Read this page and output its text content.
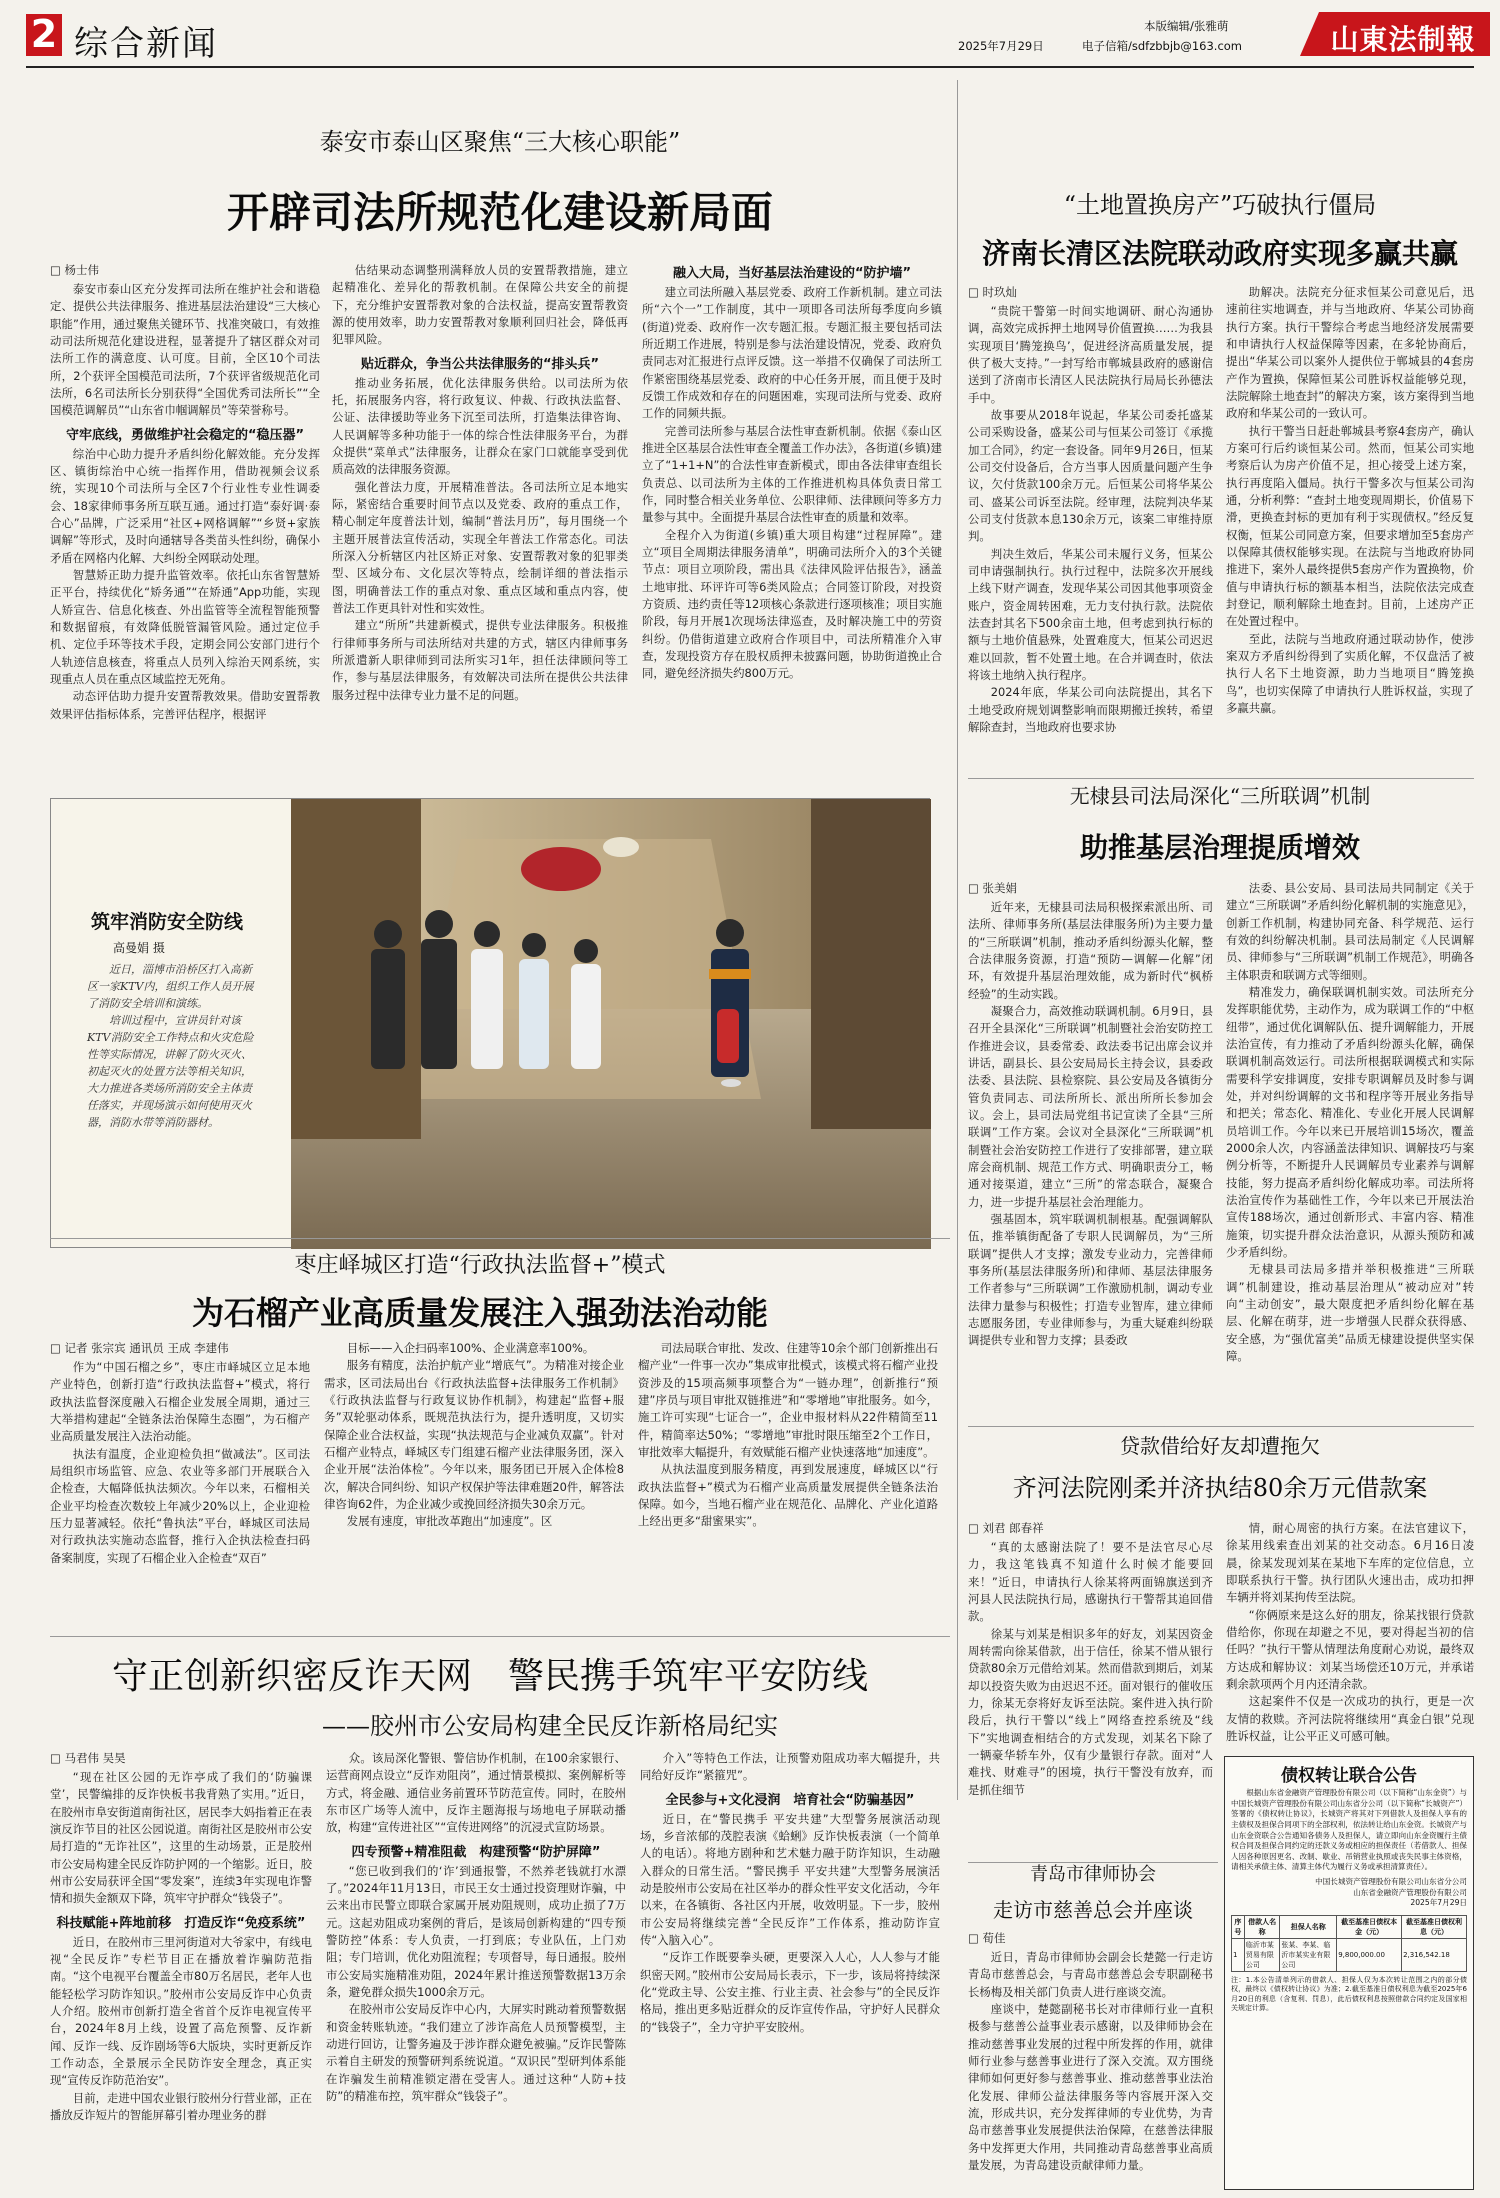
2 综合新闻	本版编辑/张雅萌
2025年7月29日	电子信箱/sdfzbbjb@163.com	山東法制報
泰安市泰山区聚焦“三大核心职能”
开辟司法所规范化建设新局面
□ 杨士伟

泰安市泰山区充分发挥司法所在维护社会和谐稳定、提供公共法律服务、推进基层法治建设“三大核心职能”作用，通过聚焦关键环节、找准突破口，有效推动司法所规范化建设进程，显著提升了辖区群众对司法所工作的满意度、认可度。目前，全区10个司法所，2个获评全国模范司法所，7个获评省级规范化司法所，6名司法所长分别获得“全国优秀司法所长”“全国模范调解员”“山东省巾帼调解员”等荣誉称号。

守牢底线，勇做维护社会稳定的“稳压器”

综治中心助力提升矛盾纠纷化解效能。充分发挥区、镇街综治中心统一指挥作用，借助视频会议系统，实现10个司法所与全区7个行业性专业性调委会、18家律师事务所互联互通。通过打造“泰好调·泰合心”品牌，广泛采用“社区+网格调解”“乡贤+家族调解”等形式，及时向通辖导各类苗头性纠纷，确保小矛盾在网格内化解、大纠纷全网联动处理。

智慧矫正助力提升监管效率。依托山东省智慧矫正平台，持续优化“矫务通”“在矫通”App功能，实现人矫宣告、信息化核查、外出监管等全流程智能预警和数据留痕，有效降低脱管漏管风险。通过定位手机、定位手环等技术手段，定期会同公安部门进行个人轨迹信息核查，将重点人员列入综治天网系统，实现重点人员在重点区域监控无死角。

动态评估助力提升安置帮教效果。借助安置帮教效果评估指标体系，完善评估程序，根据评

估结果动态调整刑满释放人员的安置帮教措施，建立起精准化、差异化的帮教机制。在保障公共安全的前提下，充分维护安置帮教对象的合法权益，提高安置帮教资源的使用效率，助力安置帮教对象顺利回归社会，降低再犯罪风险。

贴近群众，争当公共法律服务的“排头兵”

推动业务拓展，优化法律服务供给。以司法所为依托，拓展服务内容，将行政复议、仲裁、行政执法监督、公证、法律援助等业务下沉至司法所，打造集法律咨询、人民调解等多种功能于一体的综合性法律服务平台，为群众提供“菜单式”法律服务，让群众在家门口就能享受到优质高效的法律服务资源。

强化普法力度，开展精准普法。各司法所立足本地实际，紧密结合重要时间节点以及党委、政府的重点工作，精心制定年度普法计划，编制“普法月历”，每月围绕一个主题开展普法宣传活动，实现全年普法工作常态化。司法所深入分析辖区内社区矫正对象、安置帮教对象的犯罪类型、区域分布、文化层次等特点，绘制详细的普法指示图，明确普法工作的重点对象、重点区域和重点内容，使普法工作更具针对性和实效性。

建立“所所”共建新模式，提供专业法律服务。积极推行律师事务所与司法所结对共建的方式，辖区内律师事务所派遣新人职律师到司法所实习1年，担任法律顾问等工作，参与基层法律服务，有效解决司法所在提供公共法律服务过程中法律专业力量不足的问题。

融入大局，当好基层法治建设的“防护墙”

建立司法所融入基层党委、政府工作新机制。建立司法所“六个一”工作制度，其中一项即各司法所每季度向乡镇(街道)党委、政府作一次专题汇报。专题汇报主要包括司法所近期工作进展，特别是参与法治建设情况，党委、政府负责同志对汇报进行点评反馈。这一举措不仅确保了司法所工作紧密围绕基层党委、政府的中心任务开展，而且便于及时反馈工作成效和存在的问题困难，实现司法所与党委、政府工作的同频共振。

完善司法所参与基层合法性审查新机制。依据《泰山区推进全区基层合法性审查全覆盖工作办法》，各街道(乡镇)建立了“1+1+N”的合法性审查新模式，即由各法律审查组长负责总、以司法所为主体的工作推进机构具体负责日常工作，同时整合相关业务单位、公职律师、法律顾问等多方力量参与其中。全面提升基层合法性审查的质量和效率。

全程介入为街道(乡镇)重大项目构建“过程屏障”。建立“项目全周期法律服务清单”，明确司法所介入的3个关键节点：项目立项阶段，需出具《法律风险评估报告》，涵盖土地审批、环评许可等6类风险点；合同签订阶段，对投资方资质、违约责任等12项核心条款进行逐项核准；项目实施阶段，每月开展1次现场法律巡查，及时解决施工中的劳资纠纷。仍借街道建立政府合作项目中，司法所精准介入审查，发现投资方存在股权质押未披露问题，协助街道挽止合同，避免经济损失约800万元。

“土地置换房产”巧破执行僵局
济南长清区法院联动政府实现多赢共赢
□ 时玖灿

“贵院干警第一时间实地调研、耐心沟通协调，高效完成拆押土地网导价值置换……为我县实现项目‘腾笼换鸟’，促进经济高质量发展，提供了极大支持。”一封写给市郸城县政府的感谢信送到了济南市长清区人民法院执行局局长孙德法手中。

故事要从2018年说起，华某公司委托盛某公司采购设备，盛某公司与恒某公司签订《承揽加工合同》，约定一套设备。同年9月26日，恒某公司交付设备后，合方当事人因质量问题产生争议，欠付货款100余万元。后恒某公司将华某公司、盛某公司诉至法院。经审理，法院判决华某公司支付货款本息130余万元，该案二审维持原判。

判决生效后，华某公司未履行义务，恒某公司申请强制执行。执行过程中，法院多次开展线上线下财产调查，发现华某公司因其他事项资金账户，资金周转困难，无力支付执行款。法院依法查封其名下500余亩土地，但考虑到执行标的额与土地价值悬殊，处置难度大，恒某公司迟迟难以回款，暂不处置土地。在合并调查时，依法将该土地纳入执行程序。

2024年底，华某公司向法院提出，其名下土地受政府规划调整影响而限期搬迁挨转，希望解除查封，当地政府也要求协

助解决。法院充分征求恒某公司意见后，迅速前往实地调查，并与当地政府、华某公司协商执行方案。执行干警综合考虑当地经济发展需要和申请执行人权益保障等因素，在多轮协商后，提出“华某公司以案外人提供位于郸城县的4套房产作为置换，保障恒某公司胜诉权益能够兑现，法院解除土地查封”的解决方案，该方案得到当地政府和华某公司的一致认可。

执行干警当日赶赴郸城县考察4套房产，确认方案可行后约谈恒某公司。然而，恒某公司实地考察后认为房产价值不足，担心接受上述方案，执行再度陷入僵局。执行干警多次与恒某公司沟通，分析利弊：“查封土地变现周期长，价值易下滑，更换查封标的更加有利于实现债权。”经反复权衡，恒某公司同意方案，但要求增加至5套房产以保障其债权能够实现。在法院与当地政府协同推进下，案外人最终提供5套房产作为置换物，价值与申请执行标的额基本相当，法院依法完成查封登记，顺利解除土地查封。目前，上述房产正在处置过程中。

至此，法院与当地政府通过联动协作，使涉案双方矛盾纠纷得到了实质化解，不仅盘活了被执行人名下土地资源，助力当地项目“腾笼换鸟”，也切实保障了申请执行人胜诉权益，实现了多赢共赢。

无棣县司法局深化“三所联调”机制
助推基层治理提质增效
□ 张美娟

近年来，无棣县司法局积极探索派出所、司法所、律师事务所(基层法律服务所)为主要力量的“三所联调”机制，推动矛盾纠纷源头化解，整合法律服务资源，打造“预防—调解—化解”闭环，有效提升基层治理效能，成为新时代“枫桥经验”的生动实践。

凝聚合力，高效推动联调机制。6月9日，县召开全县深化“三所联调”机制暨社会治安防控工作推进会议，县委常委、政法委书记出席会议并讲话，副县长、县公安局局长主持会议，县委政法委、县法院、县检察院、县公安局及各镇街分管负责同志、司法所所长、派出所所长参加会议。会上，县司法局党组书记宣读了全县“三所联调”工作方案。会议对全县深化“三所联调”机制暨社会治安防控工作进行了安排部署，建立联席会商机制、规范工作方式、明确职责分工，畅通对接渠道，建立“三所”的常态联合，凝聚合力，进一步提升基层社会治理能力。

强基固本，筑牢联调机制根基。配强调解队伍，推举镇街配备了专职人民调解员，为“三所联调”提供人才支撑；激发专业动力，完善律师事务所(基层法律服务所)和律师、基层法律服务工作者参与“三所联调”工作激励机制，调动专业法律力量参与积极性；打造专业智库，建立律师志愿服务团，专业律师参与，为重大疑难纠纷联调提供专业和智力支撑；县委政

法委、县公安局、县司法局共同制定《关于建立“三所联调”矛盾纠纷化解机制的实施意见》，创新工作机制，构建协同充备、科学规范、运行有效的纠纷解决机制。县司法局制定《人民调解员、律师参与“三所联调”机制工作规范》，明确各主体职责和联调方式等细则。

精准发力，确保联调机制实效。司法所充分发挥职能优势，主动作为，成为联调工作的“中枢纽带”，通过优化调解队伍、提升调解能力，开展法治宣传，有力推动了矛盾纠纷源头化解，确保联调机制高效运行。司法所根据联调模式和实际需要科学安排调度，安排专职调解员及时参与调处，并对纠纷调解的文书和程序等开展业务指导和把关；常态化、精准化、专业化开展人民调解员培训工作。今年以来已开展培训15场次，覆盖2000余人次，内容涵盖法律知识、调解技巧与案例分析等，不断提升人民调解员专业素养与调解技能，努力提高矛盾纠纷化解成功率。司法所将法治宣传作为基础性工作，今年以来已开展法治宣传188场次，通过创新形式、丰富内容、精准施策，切实提升群众法治意识，从源头预防和减少矛盾纠纷。

无棣县司法局多措并举积极推进“三所联调”机制建设，推动基层治理从“被动应对”转向“主动创安”，最大限度把矛盾纠纷化解在基层、化解在萌芽，进一步增强人民群众获得感、安全感，为“强优富美”品质无棣建设提供坚实保障。

筑牢消防安全防线
高曼娟 摄

近日，淄博市沿桥区打入高新区一家KTV内，组织工作人员开展了消防安全培训和演练。

培训过程中，宣讲员针对该KTV消防安全工作特点和火灾危险性等实际情况，讲解了防火灭火、初起灭火的处置方法等相关知识，大力推进各类场所消防安全主体责任落实，并现场演示如何使用灭火器，消防水带等消防器材。

枣庄峄城区打造“行政执法监督+”模式
为石榴产业高质量发展注入强劲法治动能
□ 记者 张宗宾 通讯员 王成 李建伟

作为“中国石榴之乡”，枣庄市峄城区立足本地产业特色，创新打造“行政执法监督+”模式，将行政执法监督深度融入石榴企业发展全周期，通过三大举措构建起“全链条法治保障生态圈”，为石榴产业高质量发展注入法治动能。

执法有温度，企业迎检负担“做减法”。区司法局组织市场监管、应急、农业等多部门开展联合入企检查，大幅降低执法频次。今年以来，石榴相关企业平均检查次数较上年减少20%以上，企业迎检压力显著减轻。依托“鲁执法”平台，峄城区司法局对行政执法实施动态监督，推行入企执法检查扫码备案制度，实现了石榴企业入企检查“双百”

目标——入企扫码率100%、企业满意率100%。

服务有精度，法治护航产业“增底气”。为精准对接企业需求，区司法局出台《行政执法监督+法律服务工作机制》《行政执法监督与行政复议协作机制》，构建起“监督+服务”双轮驱动体系，既规范执法行为，提升透明度，又切实保障企业合法权益，实现“执法规范与企业减负双赢”。针对石榴产业特点，峄城区专门组建石榴产业法律服务团，深入企业开展“法治体检”。今年以来，服务团已开展入企体检8次，解决合同纠纷、知识产权保护等法律难题20件，解答法律咨询62件，为企业减少或挽回经济损失30余万元。

发展有速度，审批改革跑出“加速度”。区

司法局联合审批、发改、住建等10余个部门创新推出石榴产业“一件事一次办”集成审批模式，该模式将石榴产业投资涉及的15项高频事项整合为“一链办理”，创新推行“预建”序员与项目审批双链推进”和“零增地”审批服务。如今，施工许可实现“七证合一”，企业申报材料从22件精简至11件，精简率达50%；“零增地”审批时限压缩至2个工作日，审批效率大幅提升，有效赋能石榴产业快速落地“加速度”。

从执法温度到服务精度，再到发展速度，峄城区以“行政执法监督+”模式为石榴产业高质量发展提供全链条法治保障。如今，当地石榴产业在规范化、品牌化、产业化道路上经出更多“甜蜜果实”。

守正创新织密反诈天网　警民携手筑牢平安防线
——胶州市公安局构建全民反诈新格局纪实
□ 马君伟 吴昊

“现在社区公园的无诈亭成了我们的‘防骗课堂’，民警编排的反诈快板书我背熟了实用。”近日，在胶州市阜安街道南街社区，居民李大妈指着正在表演反诈节目的社区公园说道。南街社区是胶州市公安局打造的“无诈社区”，这里的生动场景，正是胶州市公安局构建全民反诈防护网的一个缩影。近日，胶州市公安局获评全国“零发案”，连续3年实现电诈警情和损失金额双下降，筑牢守护群众“钱袋子”。

科技赋能+阵地前移　打造反诈“免疫系统”

近日，在胶州市三里河街道对大爷家中，有线电视“全民反诈”专栏节目正在播放着诈骗防范指南。“这个电视平台覆盖全市80万名居民，老年人也能轻松学习防诈知识。”胶州市公安局反诈中心负责人介绍。胶州市创新打造全省首个反诈电视宣传平台，2024年8月上线，设置了高危预警、反诈新闻、反诈一线、反诈剧场等6大版块，实时更新反诈工作动态，全景展示全民防诈安全理念，真正实现“宣传反诈防范治安”。

目前，走进中国农业银行胶州分行营业部，正在播放反诈短片的智能屏幕引着办理业务的群

众。该局深化警银、警信协作机制，在100余家银行、运营商网点设立“反诈劝阻岗”，通过情景模拟、案例解析等方式，将金融、通信业务前置环节防范宣传。同时，在胶州东市区广场等人流中，反诈主题海报与场地电子屏联动播放，构建“宣传进社区”“宣传进网络”的沉浸式宣防场景。

四专预警+精准阻截　构建预警“防护屏障”

“您已收到我们的‘诈’到通报警，不然养老钱就打水漂了。”2024年11月13日，市民王女士通过投资理财诈骗，中云来出市民警立即联合家属开展劝阻规则，成功止损了7万元。这起劝阻成功案例的背后，是该局创新构建的“四专预警防控”体系：专人负责，一打到底；专业队伍，上门劝阻；专门培训，优化劝阻流程；专项督导，每日通报。胶州市公安局实施精准劝阻，2024年累计推送预警数据13万余条，避免群众损失1000余万元。

在胶州市公安局反诈中心内，大屏实时跳动着预警数据和资金转账轨迹。“我们建立了涉诈高危人员预警模型，主动进行回访，让警务遍及于涉诈群众避免被骗。”反诈民警陈示着自主研发的预警研判系统说道。“双识民”型研判体系能在诈骗发生前精准锁定潜在受害人。通过这种“人防+技防”的精准布控，筑牢群众“钱袋子”。

介入”等特色工作法，让预警劝阻成功率大幅提升，共同给好反诈“紧箍咒”。

全民参与+文化浸润　培育社会“防骗基因”

近日，在“警民携手 平安共建”大型警务展演活动现场，乡音浓郁的茂腔表演《蛤蜊》反诈快板表演（一个简单人的电话）。将地方剧种和艺术魅力融于防诈知识，生动融入群众的日常生活。“警民携手 平安共建”大型警务展演活动是胶州市公安局在社区举办的群众性平安文化活动，今年以来，在各镇街、各社区内开展，收效明显。下一步，胶州市公安局将继续完善“全民反诈”工作体系，推动防诈宣传“入脑入心”。

“反诈工作既要拳头硬，更要深入人心，人人参与才能织密天网。”胶州市公安局局长表示，下一步，该局将持续深化“党政主导、公安主推、行业主责、社会参与”的全民反诈格局，推出更多贴近群众的反诈宣传作品，守护好人民群众的“钱袋子”，全力守护平安胶州。

贷款借给好友却遭拖欠
齐河法院刚柔并济执结80余万元借款案
□ 刘君 郎春祥

“真的太感谢法院了！要不是法官尽心尽力，我这笔钱真不知道什么时候才能要回来！”近日，申请执行人徐某将两面锦旗送到齐河县人民法院执行局，感谢执行干警帮其追回借款。

徐某与刘某是相识多年的好友，刘某因资金周转需向徐某借款，出于信任，徐某不惜从银行贷款80余万元借给刘某。然而借款到期后，刘某却以投资失败为由迟迟不还。面对银行的催收压力，徐某无奈将好友诉至法院。案件进入执行阶段后，执行干警以“线上”网络查控系统及“线下”实地调查相结合的方式发现，刘某名下除了一辆豪华轿车外，仅有少量银行存款。面对“人难找、财难寻”的困境，执行干警没有放弃，而是抓住细节

情，耐心周密的执行方案。在法官建议下，徐某用线索查出刘某的社交动态。6月16日凌晨，徐某发现刘某在某地下车库的定位信息，立即联系执行干警。执行团队火速出击，成功扣押车辆并将刘某拘传至法院。

“你俩原来是这么好的朋友，徐某找银行贷款借给你，你现在却避之不见，要对得起当初的信任吗？”执行干警从情理法角度耐心劝说，最终双方达成和解协议：刘某当场偿还10万元，并承诺剩余款项两个月内还清余款。

这起案件不仅是一次成功的执行，更是一次友情的救赎。齐河法院将继续用“真金白银”兑现胜诉权益，让公平正义可感可触。

债权转让联合公告
根据山东省金融资产管理股份有限公司（以下简称“山东金资”）与中国长城资产管理股份有限公司山东省分公司（以下简称“长城资产”）签署的《债权转让协议》，长城资产将其对下列借款人及担保人享有的主债权及担保合同项下的全部权利，依法转让给山东金资。长城资产与山东金资联合公告通知各债务人及担保人，请立即向山东金资履行主债权合同及担保合同约定的还款义务或相应的担保责任（若借款人、担保人因各种原因更名、改制、歇业、吊销营业执照或丧失民事主体资格，请相关承债主体、清算主体代为履行义务或承担清算责任）。
中国长城资产管理股份有限公司山东省分公司
山东省金融资产管理股份有限公司
2025年7月29日
序号	借款人名称	担保人名称	截至基准日债权本金（元）	截至基准日债权利息（元）
1	临沂市某贸易有限公司	张某、李某、临沂市某实业有限公司	9,800,000.00	2,316,542.18
注：1.本公告清单列示的借款人、担保人仅为本次转让范围之内的部分债权，最终以《债权转让协议》为准；2.截至基准日债权利息为截至2025年6月20日的利息（含复利、罚息），此后债权利息按照借款合同约定及国家相关规定计算。
青岛市律师协会
走访市慈善总会并座谈
□ 荀佳

近日，青岛市律师协会副会长楚懿一行走访青岛市慈善总会，与青岛市慈善总会专职副秘书长杨梅及相关部门负责人进行座谈交流。

座谈中，楚懿副秘书长对市律师行业一直积极参与慈善公益事业表示感谢，以及律师协会在推动慈善事业发展的过程中所发挥的作用，就律师行业参与慈善事业进行了深入交流。双方围绕律师如何更好参与慈善事业、推动慈善事业法治化发展、律师公益法律服务等内容展开深入交流，形成共识，充分发挥律师的专业优势，为青岛市慈善事业发展提供法治保障，在慈善法律服务中发挥更大作用，共同推动青岛慈善事业高质量发展，为青岛建设贡献律师力量。
